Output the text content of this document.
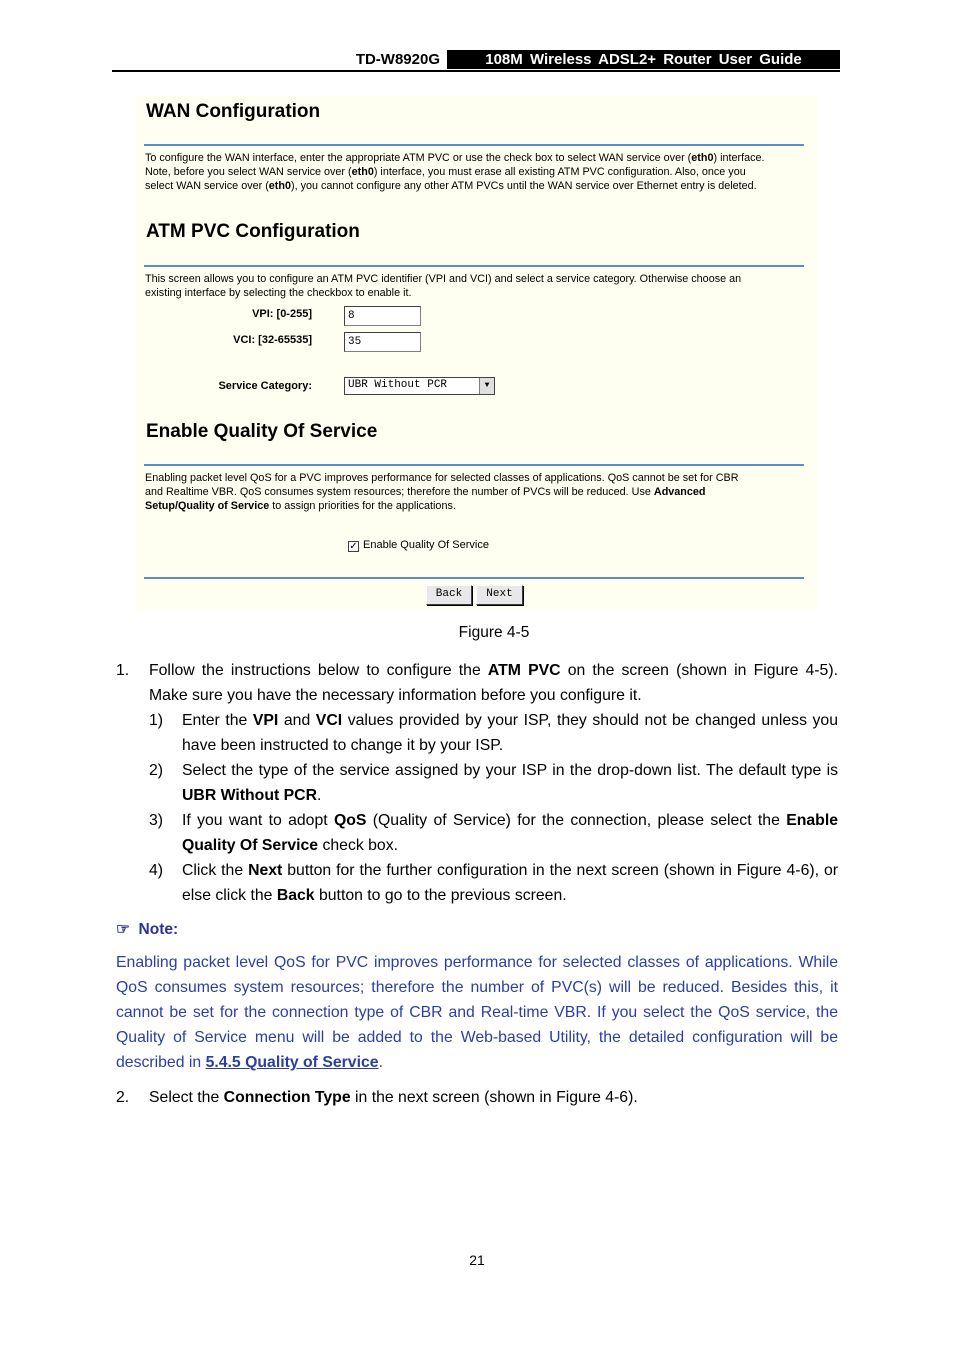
TD-W8920G	108M Wireless ADSL2+ Router User Guide
WAN Configuration
To configure the WAN interface, enter the appropriate ATM PVC or use the check box to select WAN service over (eth0) interface.
Note, before you select WAN service over (eth0) interface, you must erase all existing ATM PVC configuration. Also, once you
select WAN service over (eth0), you cannot configure any other ATM PVCs until the WAN service over Ethernet entry is deleted.
ATM PVC Configuration
This screen allows you to configure an ATM PVC identifier (VPI and VCI) and select a service category. Otherwise choose an
existing interface by selecting the checkbox to enable it.
VPI: [0-255]	8
VCI: [32-65535]	35
Service Category:	UBR Without PCR	▼
Enable Quality Of Service
Enabling packet level QoS for a PVC improves performance for selected classes of applications. QoS cannot be set for CBR
and Realtime VBR. QoS consumes system resources; therefore the number of PVCs will be reduced. Use Advanced
Setup/Quality of Service to assign priorities for the applications.
✓ Enable Quality Of Service
Back	Next
Figure 4-5
1. Follow the instructions below to configure the ATM PVC on the screen (shown in Figure 4-5). Make sure you have the necessary information before you configure it.
1) Enter the VPI and VCI values provided by your ISP, they should not be changed unless you have been instructed to change it by your ISP.
2) Select the type of the service assigned by your ISP in the drop-down list. The default type is UBR Without PCR.
3) If you want to adopt QoS (Quality of Service) for the connection, please select the Enable Quality Of Service check box.
4) Click the Next button for the further configuration in the next screen (shown in Figure 4-6), or else click the Back button to go to the previous screen.
☞ Note:
Enabling packet level QoS for PVC improves performance for selected classes of applications. While QoS consumes system resources; therefore the number of PVC(s) will be reduced. Besides this, it cannot be set for the connection type of CBR and Real-time VBR. If you select the QoS service, the Quality of Service menu will be added to the Web-based Utility, the detailed configuration will be described in 5.4.5 Quality of Service.
2. Select the Connection Type in the next screen (shown in Figure 4-6).
21
